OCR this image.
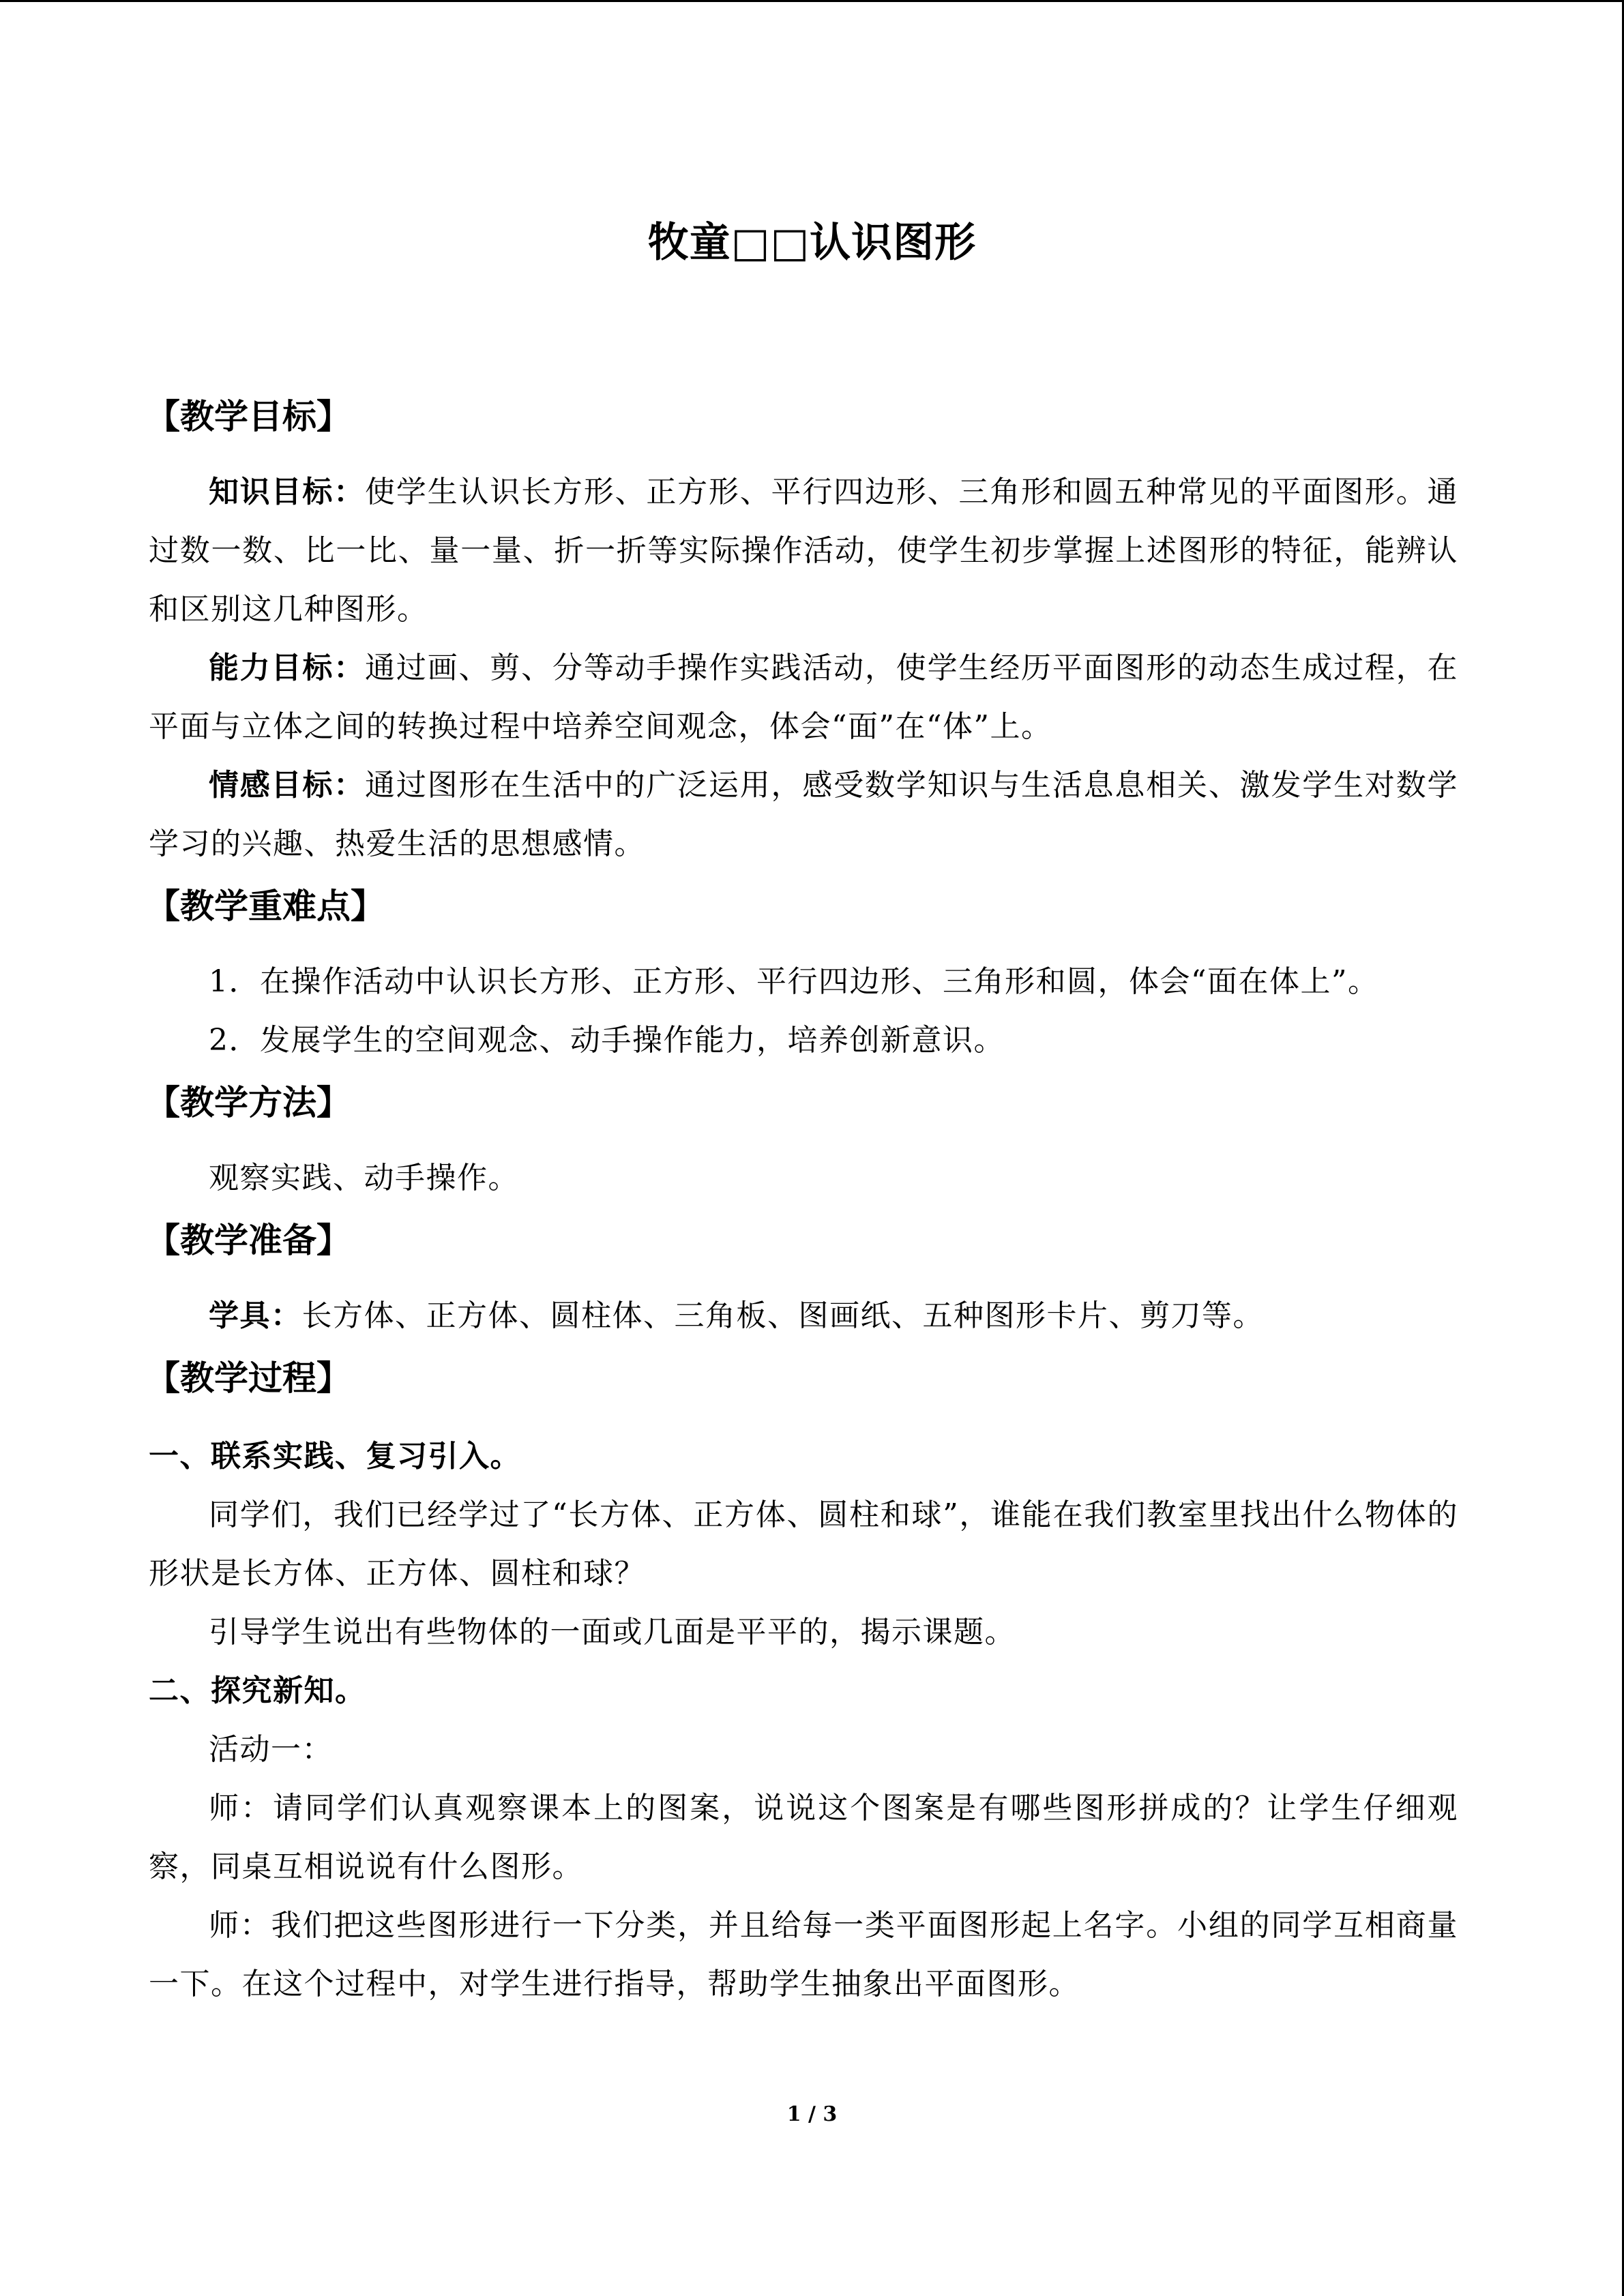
牧童□□认识图形
【教学目标】

知识目标：使学生认识长方形、正方形、平行四边形、三角形和圆五种常见的平面图形。通过数一数、比一比、量一量、折一折等实际操作活动，使学生初步掌握上述图形的特征，能辨认和区别这几种图形。

能力目标：通过画、剪、分等动手操作实践活动，使学生经历平面图形的动态生成过程，在平面与立体之间的转换过程中培养空间观念，体会“面”在“体”上。

情感目标：通过图形在生活中的广泛运用，感受数学知识与生活息息相关、激发学生对数学学习的兴趣、热爱生活的思想感情。

【教学重难点】

1．在操作活动中认识长方形、正方形、平行四边形、三角形和圆，体会“面在体上”。

2．发展学生的空间观念、动手操作能力，培养创新意识。

【教学方法】

观察实践、动手操作。

【教学准备】

学具：长方体、正方体、圆柱体、三角板、图画纸、五种图形卡片、剪刀等。

【教学过程】

一、联系实践、复习引入。

同学们，我们已经学过了“长方体、正方体、圆柱和球”，谁能在我们教室里找出什么物体的形状是长方体、正方体、圆柱和球？

引导学生说出有些物体的一面或几面是平平的，揭示课题。

二、探究新知。

活动一：

师：请同学们认真观察课本上的图案，说说这个图案是有哪些图形拼成的？让学生仔细观察，同桌互相说说有什么图形。

师：我们把这些图形进行一下分类，并且给每一类平面图形起上名字。小组的同学互相商量一下。在这个过程中，对学生进行指导，帮助学生抽象出平面图形。

1 / 3
